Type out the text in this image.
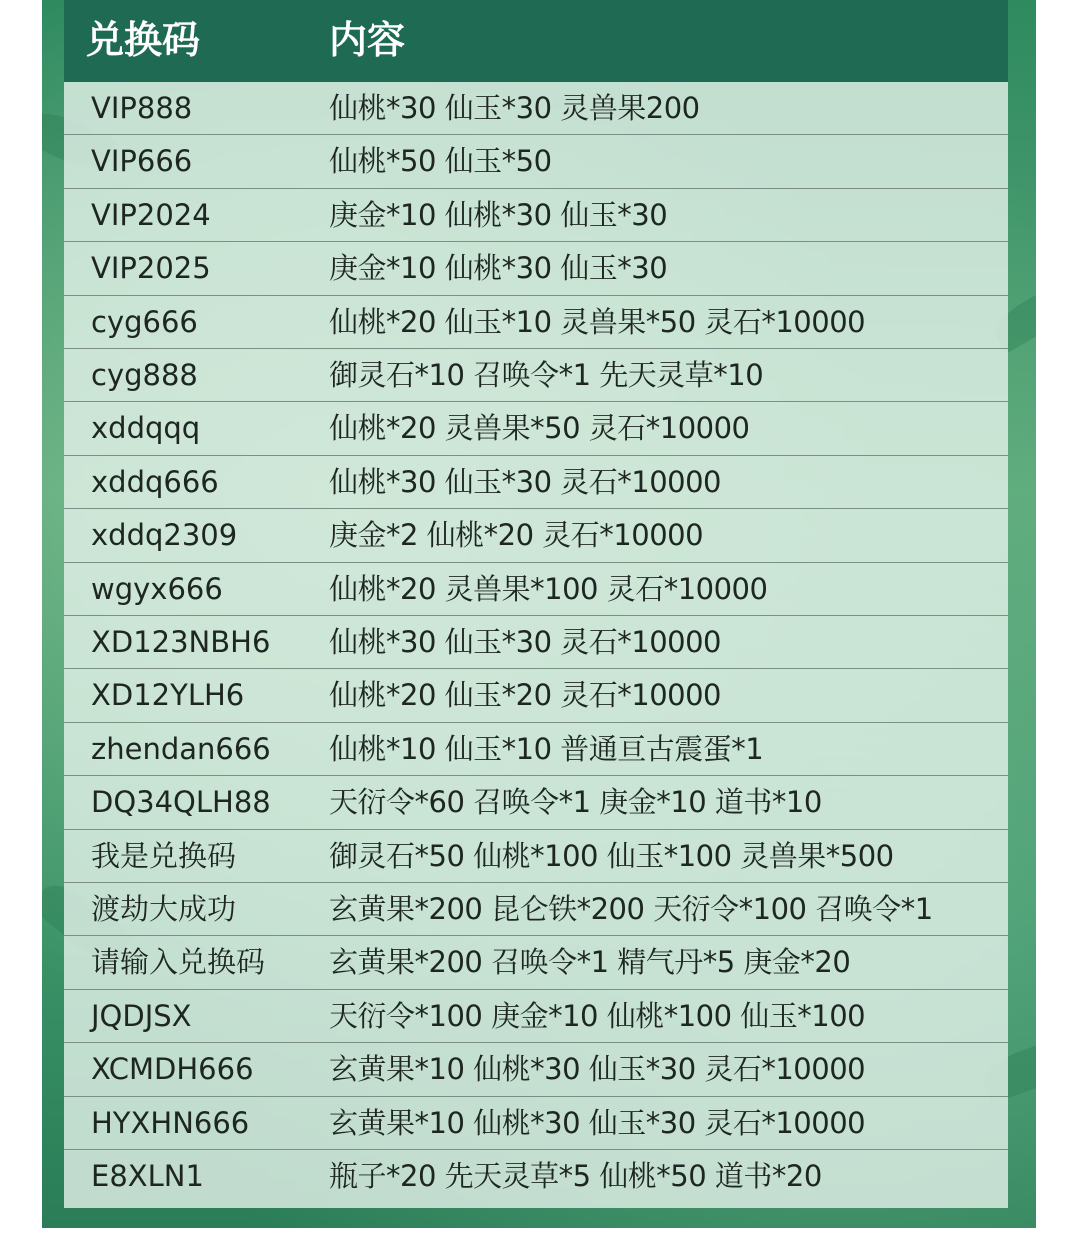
兑换码	内容
VIP888	仙桃*30 仙玉*30 灵兽果200
VIP666	仙桃*50 仙玉*50
VIP2024	庚金*10 仙桃*30 仙玉*30
VIP2025	庚金*10 仙桃*30 仙玉*30
cyg666	仙桃*20 仙玉*10 灵兽果*50 灵石*10000
cyg888	御灵石*10 召唤令*1 先天灵草*10
xddqqq	仙桃*20 灵兽果*50 灵石*10000
xddq666	仙桃*30 仙玉*30 灵石*10000
xddq2309	庚金*2 仙桃*20 灵石*10000
wgyx666	仙桃*20 灵兽果*100 灵石*10000
XD123NBH6 仙桃*30 仙玉*30 灵石*10000
XD12YLH6	仙桃*20 仙玉*20 灵石*10000
zhendan666 仙桃*10 仙玉*10 普通亘古震蛋*1
DQ34QLH88 天衍令*60 召唤令*1 庚金*10 道书*10
我是兑换码	御灵石*50 仙桃*100 仙玉*100 灵兽果*500
渡劫大成功	玄黄果*200 昆仑铁*200 天衍令*100 召唤令*1
请输入兑换码 玄黄果*200 召唤令*1 精气丹*5 庚金*20
JQDJSX	天衍令*100 庚金*10 仙桃*100 仙玉*100
XCMDH666	玄黄果*10 仙桃*30 仙玉*30 灵石*10000
HYXHN666	玄黄果*10 仙桃*30 仙玉*30 灵石*10000
E8XLN1	瓶子*20 先天灵草*5 仙桃*50 道书*20
